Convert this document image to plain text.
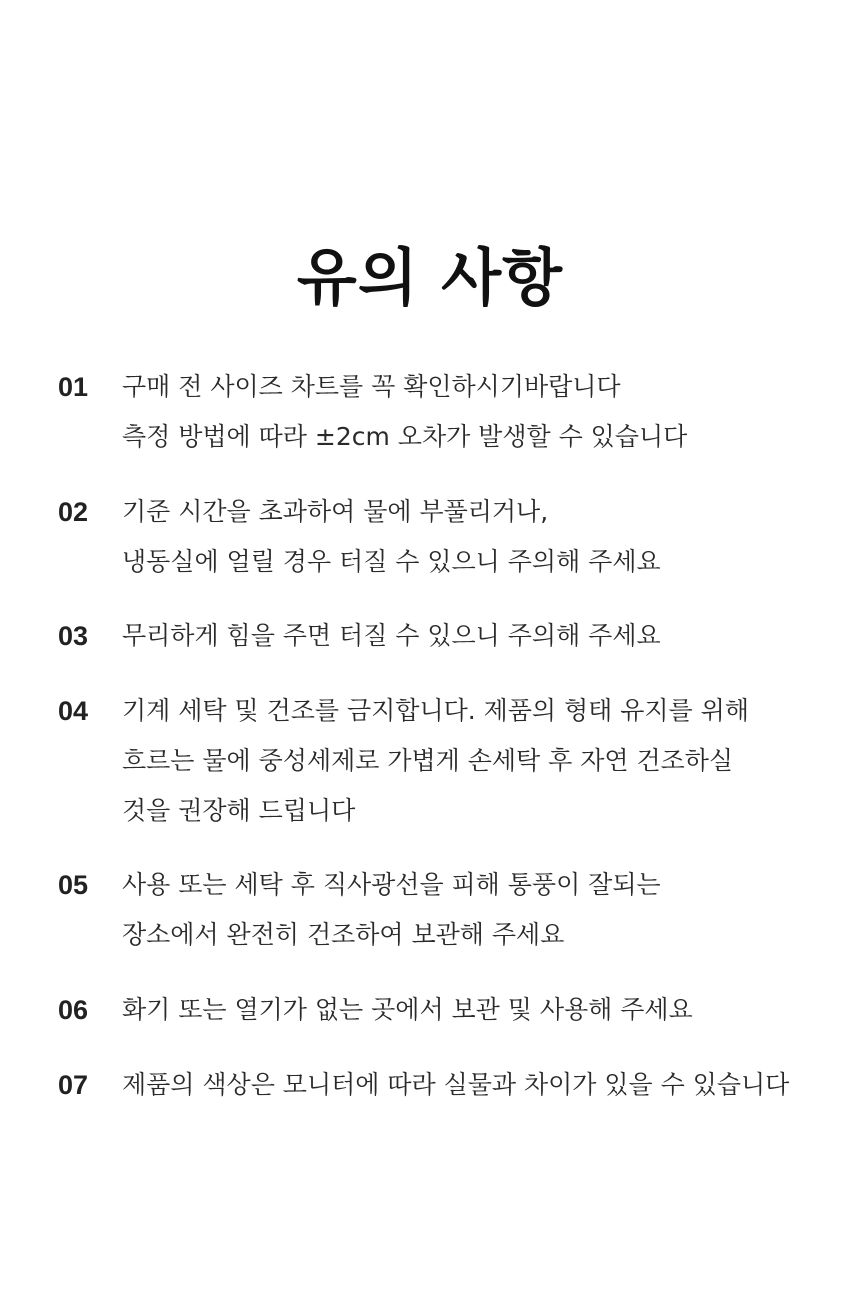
유의 사항
01	구매 전 사이즈 차트를 꼭 확인하시기바랍니다
측정 방법에 따라 ±2cm 오차가 발생할 수 있습니다
02	기준 시간을 초과하여 물에 부풀리거나,
냉동실에 얼릴 경우 터질 수 있으니 주의해 주세요
03	무리하게 힘을 주면 터질 수 있으니 주의해 주세요
04	기계 세탁 및 건조를 금지합니다. 제품의 형태 유지를 위해
흐르는 물에 중성세제로 가볍게 손세탁 후 자연 건조하실
것을 권장해 드립니다
05	사용 또는 세탁 후 직사광선을 피해 통풍이 잘되는
장소에서 완전히 건조하여 보관해 주세요
06	화기 또는 열기가 없는 곳에서 보관 및 사용해 주세요
07	제품의 색상은 모니터에 따라 실물과 차이가 있을 수 있습니다
